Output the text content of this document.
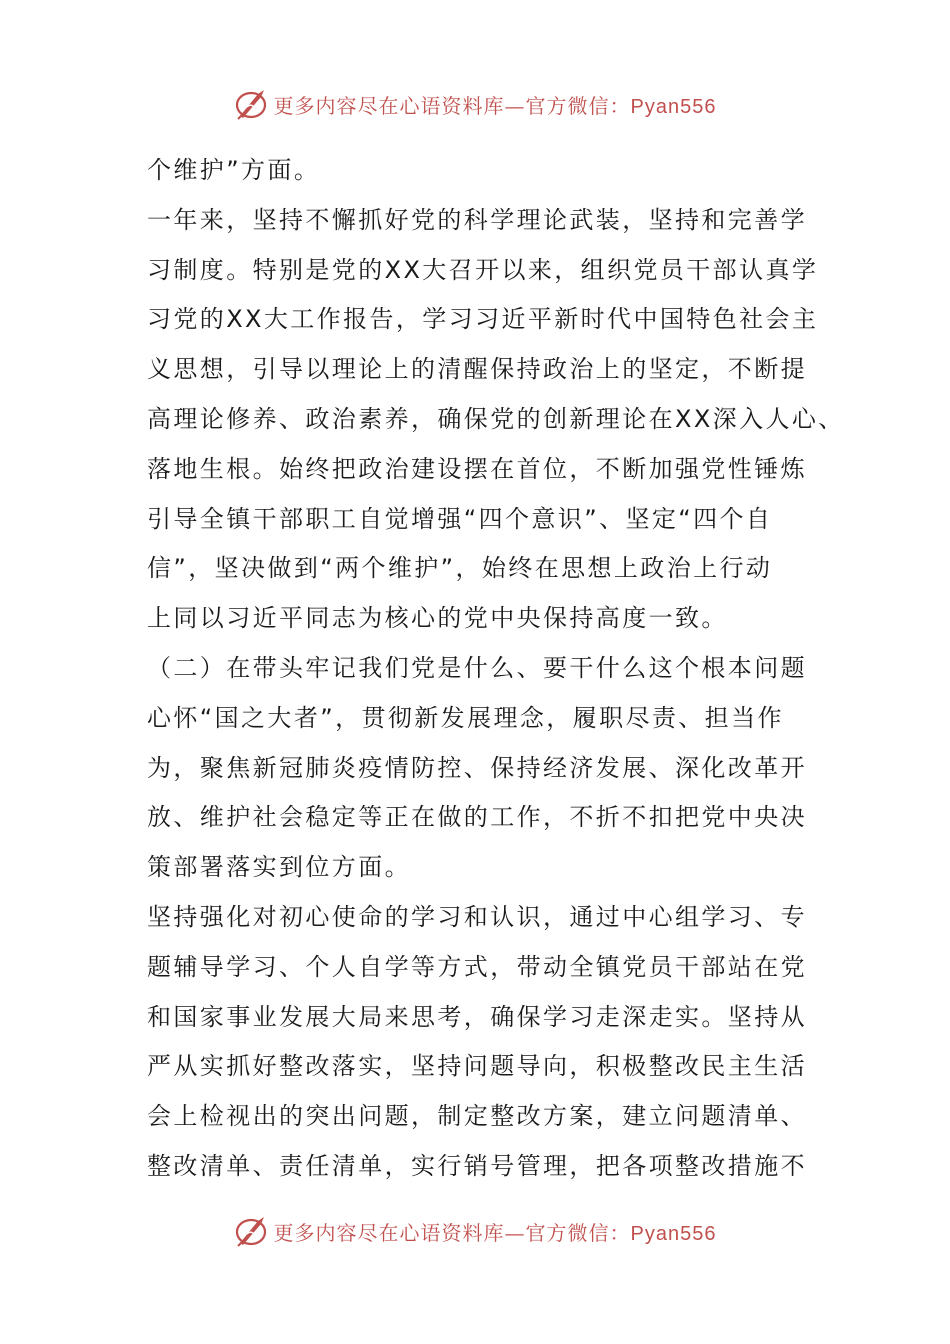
更多内容尽在心语资料库—官方微信：Pyan556
个维护”方面。
一年来，坚持不懈抓好党的科学理论武装，坚持和完善学
习制度。特别是党的XX大召开以来，组织党员干部认真学
习党的XX大工作报告，学习习近平新时代中国特色社会主
义思想，引导以理论上的清醒保持政治上的坚定，不断提
高理论修养、政治素养，确保党的创新理论在XX深入人心、
落地生根。始终把政治建设摆在首位，不断加强党性锤炼
引导全镇干部职工自觉增强“四个意识”、坚定“四个自
信”，坚决做到“两个维护”，始终在思想上政治上行动
上同以习近平同志为核心的党中央保持高度一致。
（二）在带头牢记我们党是什么、要干什么这个根本问题
心怀“国之大者”，贯彻新发展理念，履职尽责、担当作
为，聚焦新冠肺炎疫情防控、保持经济发展、深化改革开
放、维护社会稳定等正在做的工作，不折不扣把党中央决
策部署落实到位方面。
坚持强化对初心使命的学习和认识，通过中心组学习、专
题辅导学习、个人自学等方式，带动全镇党员干部站在党
和国家事业发展大局来思考，确保学习走深走实。坚持从
严从实抓好整改落实，坚持问题导向，积极整改民主生活
会上检视出的突出问题，制定整改方案，建立问题清单、
整改清单、责任清单，实行销号管理，把各项整改措施不
更多内容尽在心语资料库—官方微信：Pyan556
